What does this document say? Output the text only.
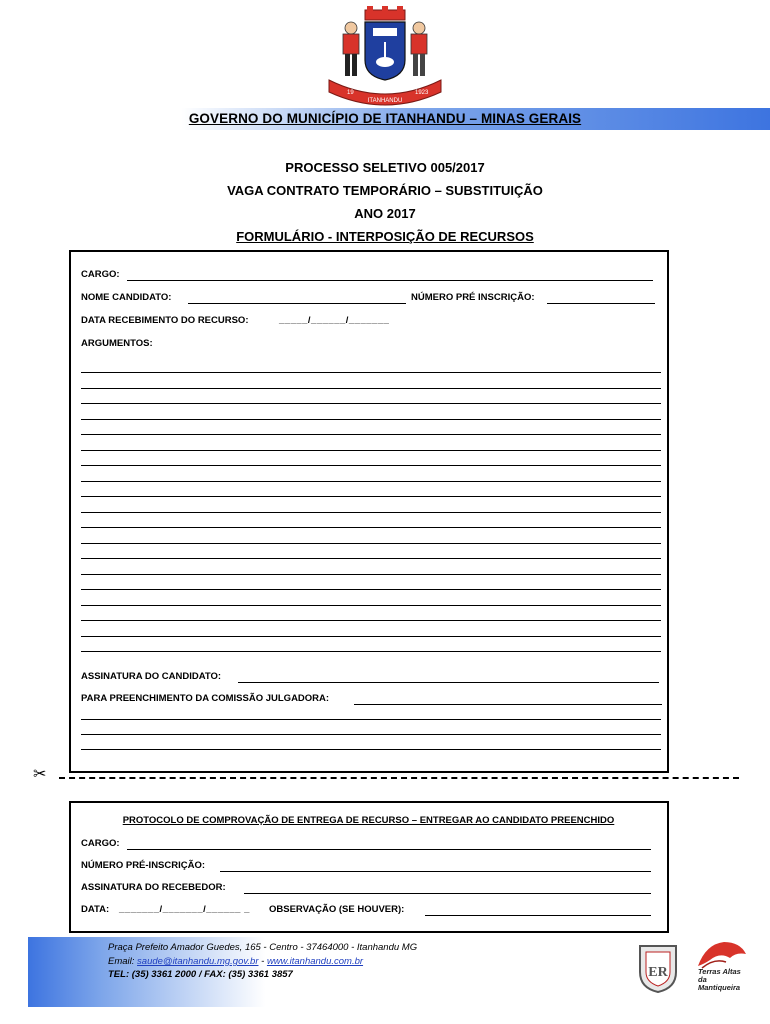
19
ITANHANDU
1923
GOVERNO DO MUNICÍPIO DE ITANHANDU – MINAS GERAIS
PROCESSO SELETIVO 005/2017
VAGA CONTRATO TEMPORÁRIO – SUBSTITUIÇÃO
ANO 2017
FORMULÁRIO - INTERPOSIÇÃO DE RECURSOS
CARGO:
NOME CANDIDATO:	NÚMERO PRÉ INSCRIÇÃO:
DATA RECEBIMENTO DO RECURSO:	_____/______/_______
ARGUMENTOS:
ASSINATURA DO CANDIDATO:
PARA PREENCHIMENTO DA COMISSÃO JULGADORA:
✂
PROTOCOLO DE COMPROVAÇÃO DE ENTREGA DE RECURSO – ENTREGAR AO CANDIDATO PREENCHIDO
CARGO:
NÚMERO PRÉ-INSCRIÇÃO:
ASSINATURA DO RECEBEDOR:
DATA: _______/_______/______ _ OBSERVAÇÃO (SE HOUVER):
Praça Prefeito Amador Guedes, 165 - Centro - 37464000 - Itanhandu MG
Email: saude@itanhandu.mg.gov.br - www.itanhandu.com.br
TEL: (35) 3361 2000 / FAX: (35) 3361 3857	ER	Terras Altas da Mantiqueira
